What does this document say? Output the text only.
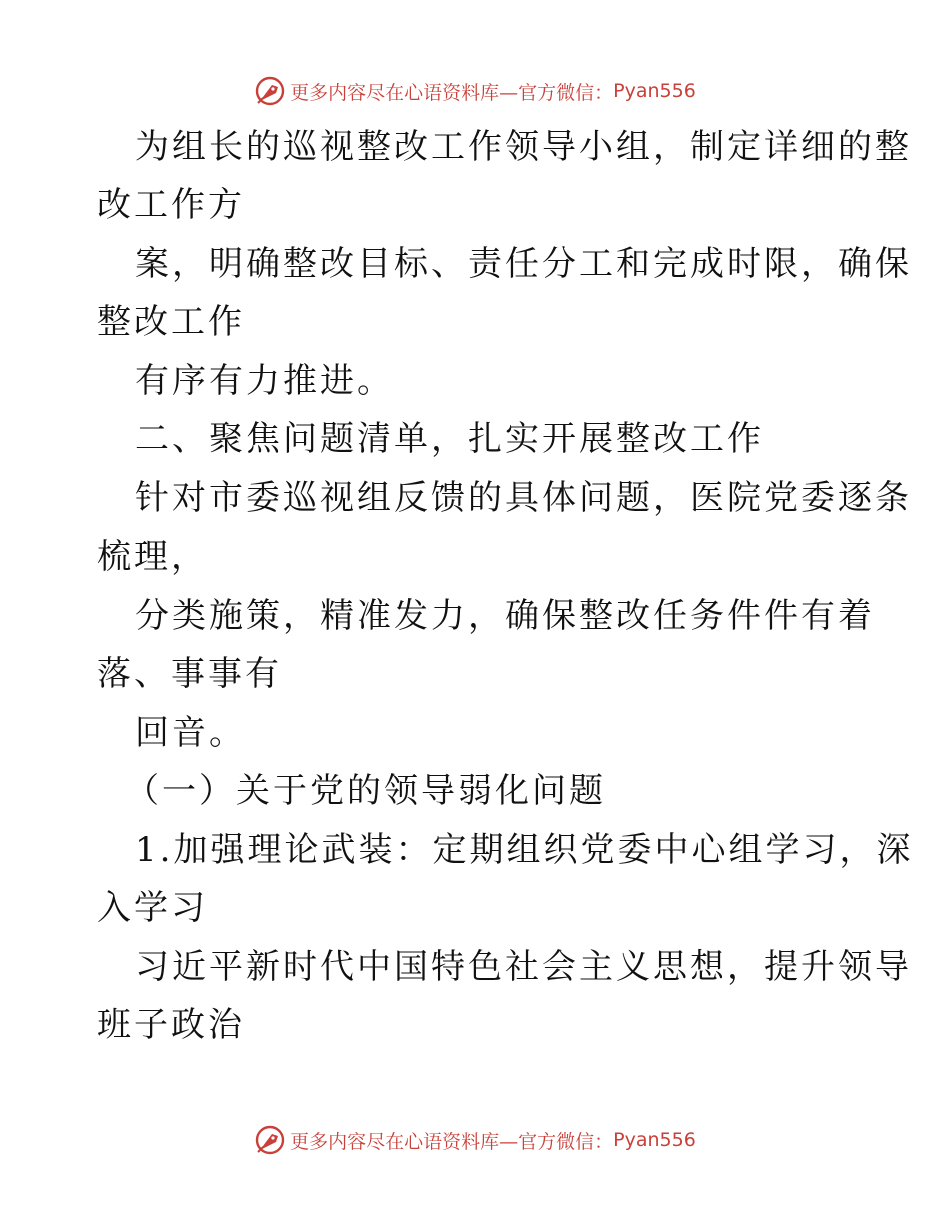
更多内容尽在心语资料库—官方微信： Pyan556
为组长的巡视整改工作领导小组，制定详细的整
改工作方
案，明确整改目标、责任分工和完成时限，确保
整改工作
有序有力推进。
二、聚焦问题清单，扎实开展整改工作
针对市委巡视组反馈的具体问题，医院党委逐条
梳理，
分类施策，精准发力，确保整改任务件件有着
落、事事有
回音。
（一）关于党的领导弱化问题
1.加强理论武装：定期组织党委中心组学习，深
入学习
习近平新时代中国特色社会主义思想，提升领导
班子政治
更多内容尽在心语资料库—官方微信： Pyan556
